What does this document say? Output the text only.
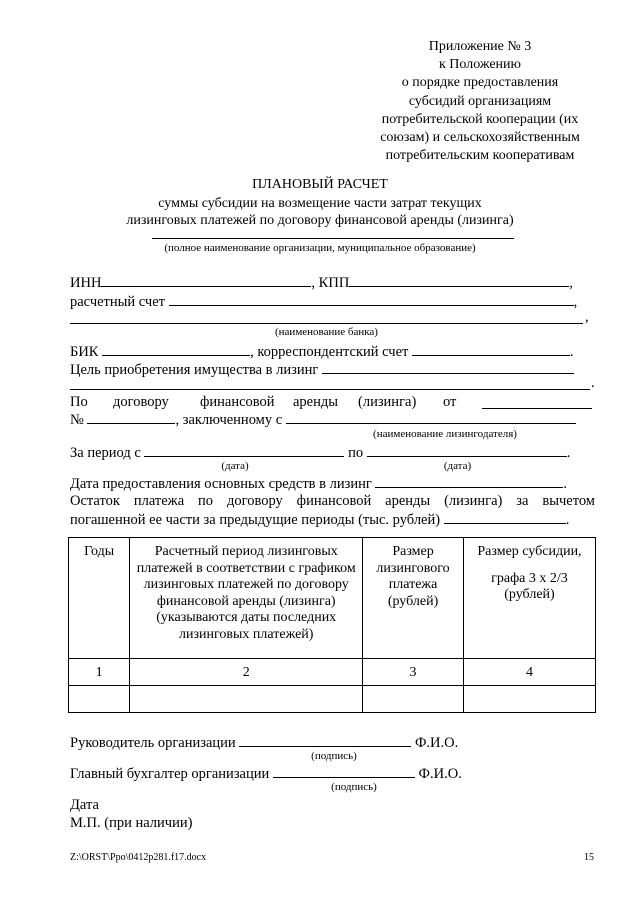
Приложение № 3
к Положению
о порядке предоставления
субсидий организациям
потребительской кооперации (их
союзам) и сельскохозяйственным
потребительским кооперативам
ПЛАНОВЫЙ РАСЧЕТ
суммы субсидии на возмещение части затрат текущих
лизинговых платежей по договору финансовой аренды (лизинга)
(полное наименование организации, муниципальное образование)
ИНН	, КПП	,
расчетный счет	,
,
(наименование банка)
БИК	, корреспондентский счет	.
Цель приобретения имущества в лизинг
.
По договору финансовой аренды (лизинга) от
№	, заключенному с
(наименование лизингодателя)
За период с	по	.
(дата)	(дата)
Дата предоставления основных средств в лизинг	.
Остаток платежа по договору финансовой аренды (лизинга) за вычетом
погашенной ее части за предыдущие периоды (тыс. рублей)	.
Годы	Расчетный период лизинговых платежей в соответствии с графиком лизинговых платежей по договору финансовой аренды (лизинга) (указываются даты последних лизинговых платежей)	Размер лизингового платежа (рублей)	Размер субсидии,
графа 3 х 2/3 (рублей)

1	2	3	4

Руководитель организации	Ф.И.О.
(подпись)
Главный бухгалтер организации	Ф.И.О.
(подпись)
Дата
М.П. (при наличии)
Z:\ORST\Ppo\0412p281.f17.docx	15
